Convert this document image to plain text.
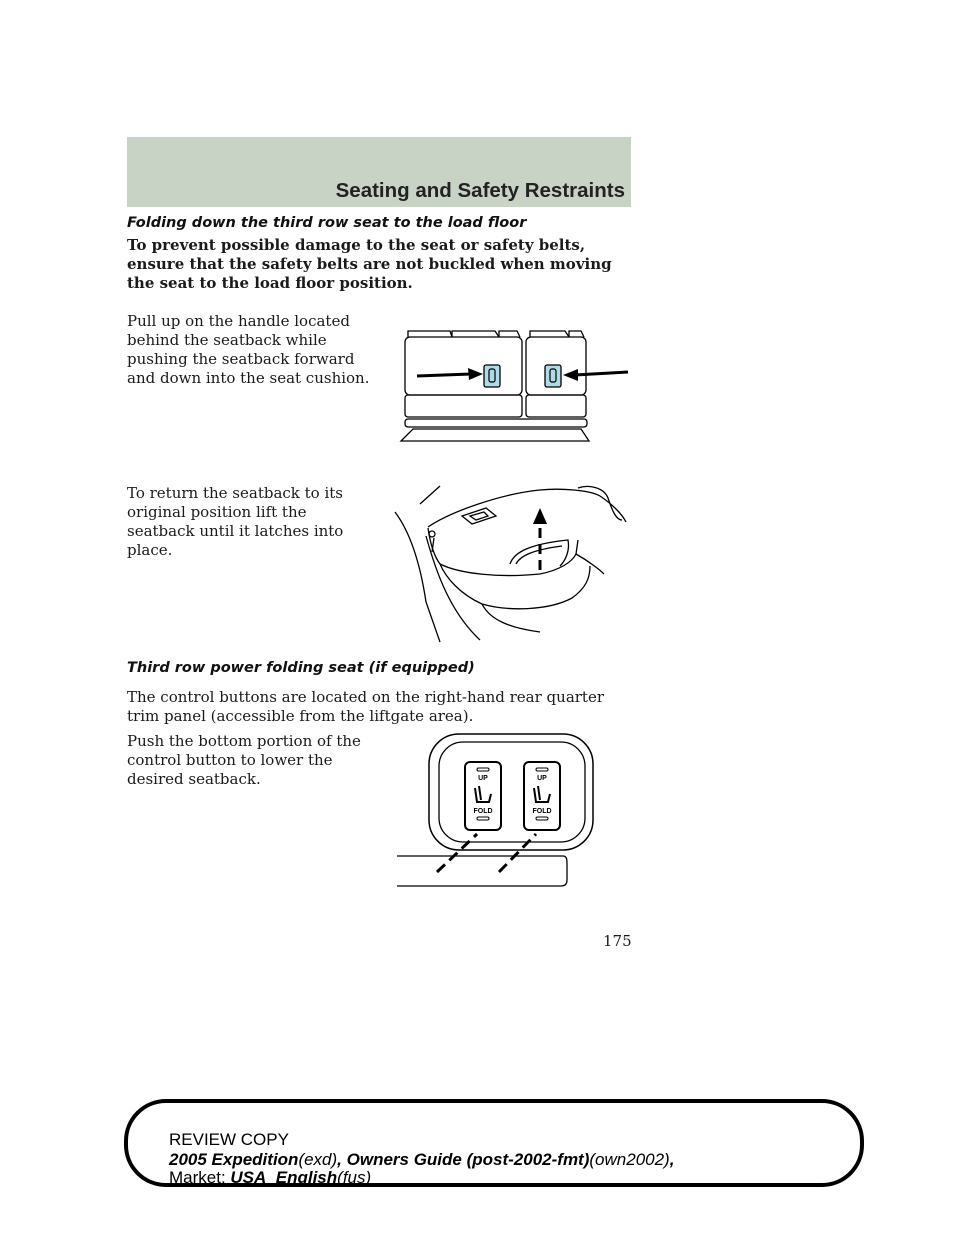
Seating and Safety Restraints
Folding down the third row seat to the load floor

To prevent possible damage to the seat or safety belts, ensure that the safety belts are not buckled when moving the seat to the load floor position.

Pull up on the handle located behind the seatback while pushing the seatback forward and down into the seat cushion.

To return the seatback to its original position lift the seatback until it latches into place.

Third row power folding seat (if equipped)

The control buttons are located on the right-hand rear quarter trim panel (accessible from the liftgate area).

Push the bottom portion of the control button to lower the desired seatback.	UP
FOLD
UP
FOLD
175
REVIEW COPY
2005 Expedition(exd), Owners Guide (post-2002-fmt)(own2002),
Market: USA_English(fus)
